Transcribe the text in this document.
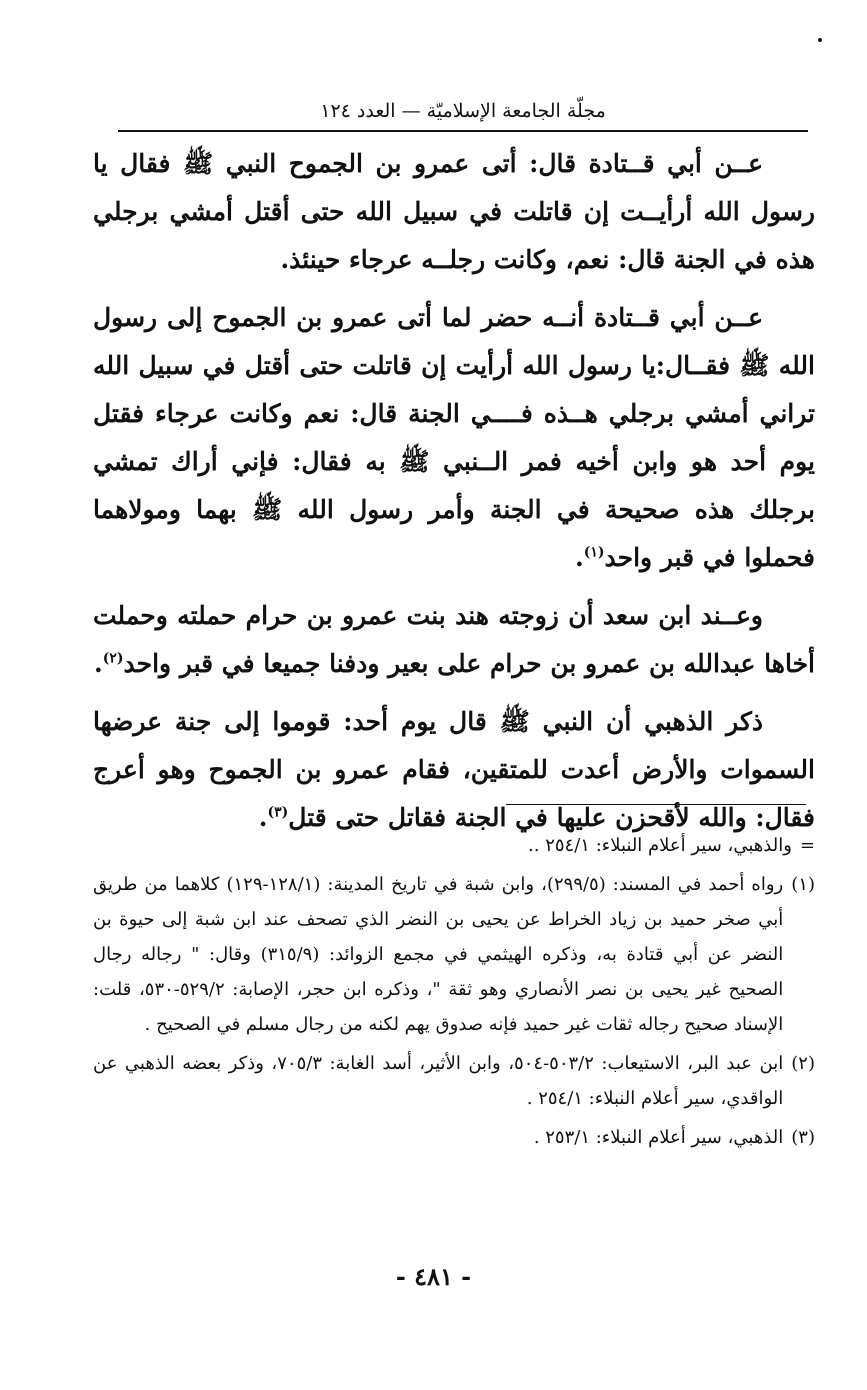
مجلّة الجامعة الإسلاميّة — العدد ١٢٤

عــن أبي قــتادة قال: أتى عمرو بن الجموح النبي ﷺ فقال يا رسول الله أرأيــت إن قاتلت في سبيل الله حتى أقتل أمشي برجلي هذه في الجنة قال: نعم، وكانت رجلــه عرجاء حينئذ.

عــن أبي قــتادة أنــه حضر لما أتى عمرو بن الجموح إلى رسول الله ﷺ فقــال:يا رسول الله أرأيت إن قاتلت حتى أقتل في سبيل الله تراني أمشي برجلي هــذه فــــي الجنة قال: نعم وكانت عرجاء فقتل يوم أحد هو وابن أخيه فمر الــنبي ﷺ به فقال: فإني أراك تمشي برجلك هذه صحيحة في الجنة وأمر رسول الله ﷺ بهما ومولاهما فحملوا في قبر واحد$^{(١)}$.

وعــند ابن سعد أن زوجته هند بنت عمرو بن حرام حملته وحملت أخاها عبدالله بن عمرو بن حرام على بعير ودفنا جميعا في قبر واحد$^{(٢)}$.

ذكر الذهبي أن النبي ﷺ قال يوم أحد: قوموا إلى جنة عرضها السموات والأرض أعدت للمتقين، فقام عمرو بن الجموح وهو أعرج فقال: والله لأقحزن عليها في الجنة فقاتل حتى قتل$^{(٣)}$.

=
والذهبي، سير أعلام النبلاء: ٢٥٤/١ ..
(١)
رواه أحمد في المسند: (٢٩٩/٥)، وابن شبة في تاريخ المدينة: (١٢٨/١-١٢٩) كلاهما من طريق أبي صخر حميد بن زياد الخراط عن يحيى بن النضر الذي تصحف عند ابن شبة إلى حيوة بن النضر عن أبي قتادة به، وذكره الهيثمي في مجمع الزوائد: (٣١٥/٩) وقال: " رجاله رجال الصحيح غير يحيى بن نصر الأنصاري وهو ثقة "، وذكره ابن حجر، الإصابة: ٥٢٩/٢-٥٣٠، قلت: الإسناد صحيح رجاله ثقات غير حميد فإنه صدوق يهم لكنه من رجال مسلم في الصحيح .
(٢)
ابن عبد البر، الاستيعاب: ٥٠٣/٢-٥٠٤، وابن الأثير، أسد الغابة: ٧٠٥/٣، وذكر بعضه الذهبي عن الواقدي، سير أعلام النبلاء: ٢٥٤/١ .
(٣)
الذهبي، سير أعلام النبلاء: ٢٥٣/١ .
- ٤٨١ -
